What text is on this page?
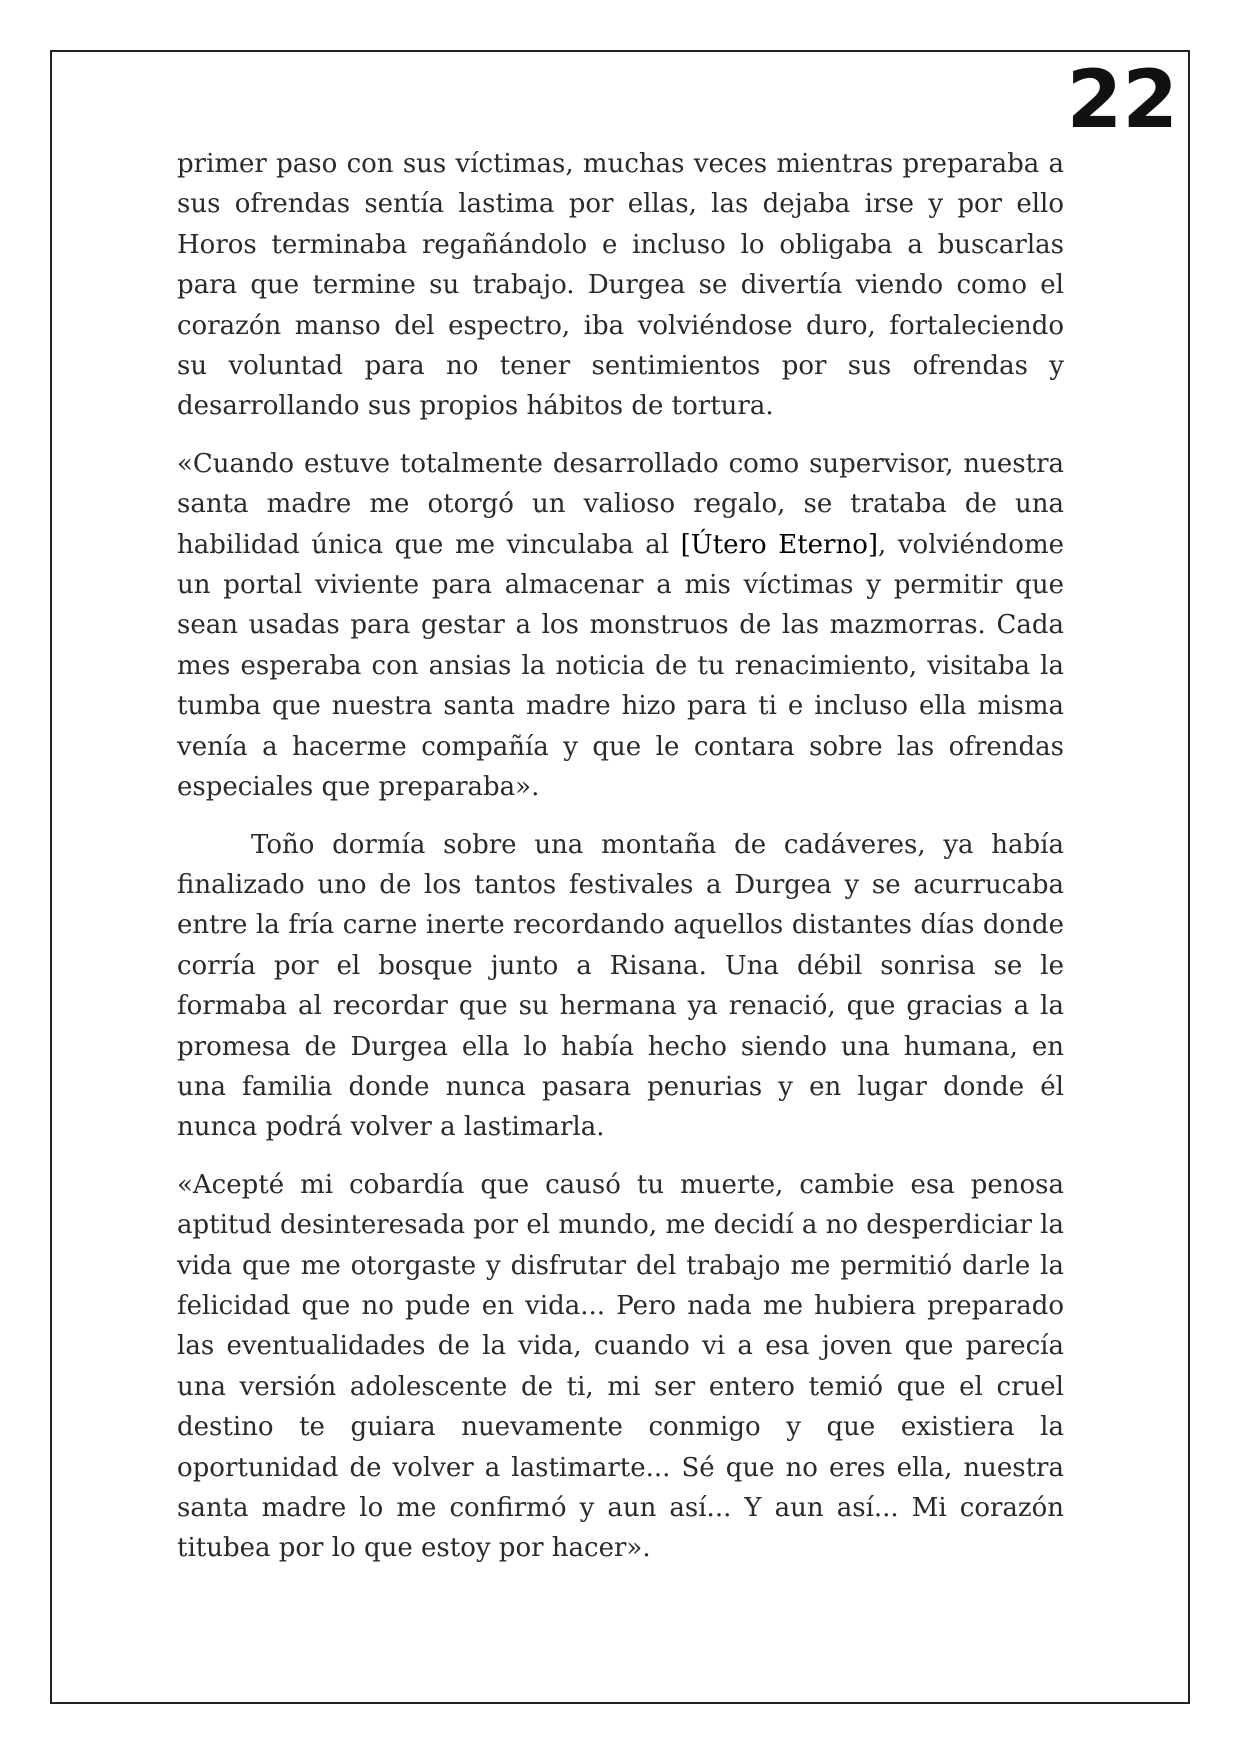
22

primer paso con sus víctimas, muchas veces mientras preparaba a sus ofrendas sentía lastima por ellas, las dejaba irse y por ello Horos terminaba regañándolo e incluso lo obligaba a buscarlas para que termine su trabajo. Durgea se divertía viendo como el corazón manso del espectro, iba volviéndose duro, fortaleciendo su voluntad para no tener sentimientos por sus ofrendas y desarrollando sus propios hábitos de tortura.

«Cuando estuve totalmente desarrollado como supervisor, nuestra santa madre me otorgó un valioso regalo, se trataba de una habilidad única que me vinculaba al [Útero Eterno], volviéndome un portal viviente para almacenar a mis víctimas y permitir que sean usadas para gestar a los monstruos de las mazmorras. Cada mes esperaba con ansias la noticia de tu renacimiento, visitaba la tumba que nuestra santa madre hizo para ti e incluso ella misma venía a hacerme compañía y que le contara sobre las ofrendas especiales que preparaba».

Toño dormía sobre una montaña de cadáveres, ya había finalizado uno de los tantos festivales a Durgea y se acurrucaba entre la fría carne inerte recordando aquellos distantes días donde corría por el bosque junto a Risana. Una débil sonrisa se le formaba al recordar que su hermana ya renació, que gracias a la promesa de Durgea ella lo había hecho siendo una humana, en una familia donde nunca pasara penurias y en lugar donde él nunca podrá volver a lastimarla.

«Acepté mi cobardía que causó tu muerte, cambie esa penosa aptitud desinteresada por el mundo, me decidí a no desperdiciar la vida que me otorgaste y disfrutar del trabajo me permitió darle la felicidad que no pude en vida... Pero nada me hubiera preparado las eventualidades de la vida, cuando vi a esa joven que parecía una versión adolescente de ti, mi ser entero temió que el cruel destino te guiara nuevamente conmigo y que existiera la oportunidad de volver a lastimarte... Sé que no eres ella, nuestra santa madre lo me confirmó y aun así... Y aun así... Mi corazón titubea por lo que estoy por hacer».
